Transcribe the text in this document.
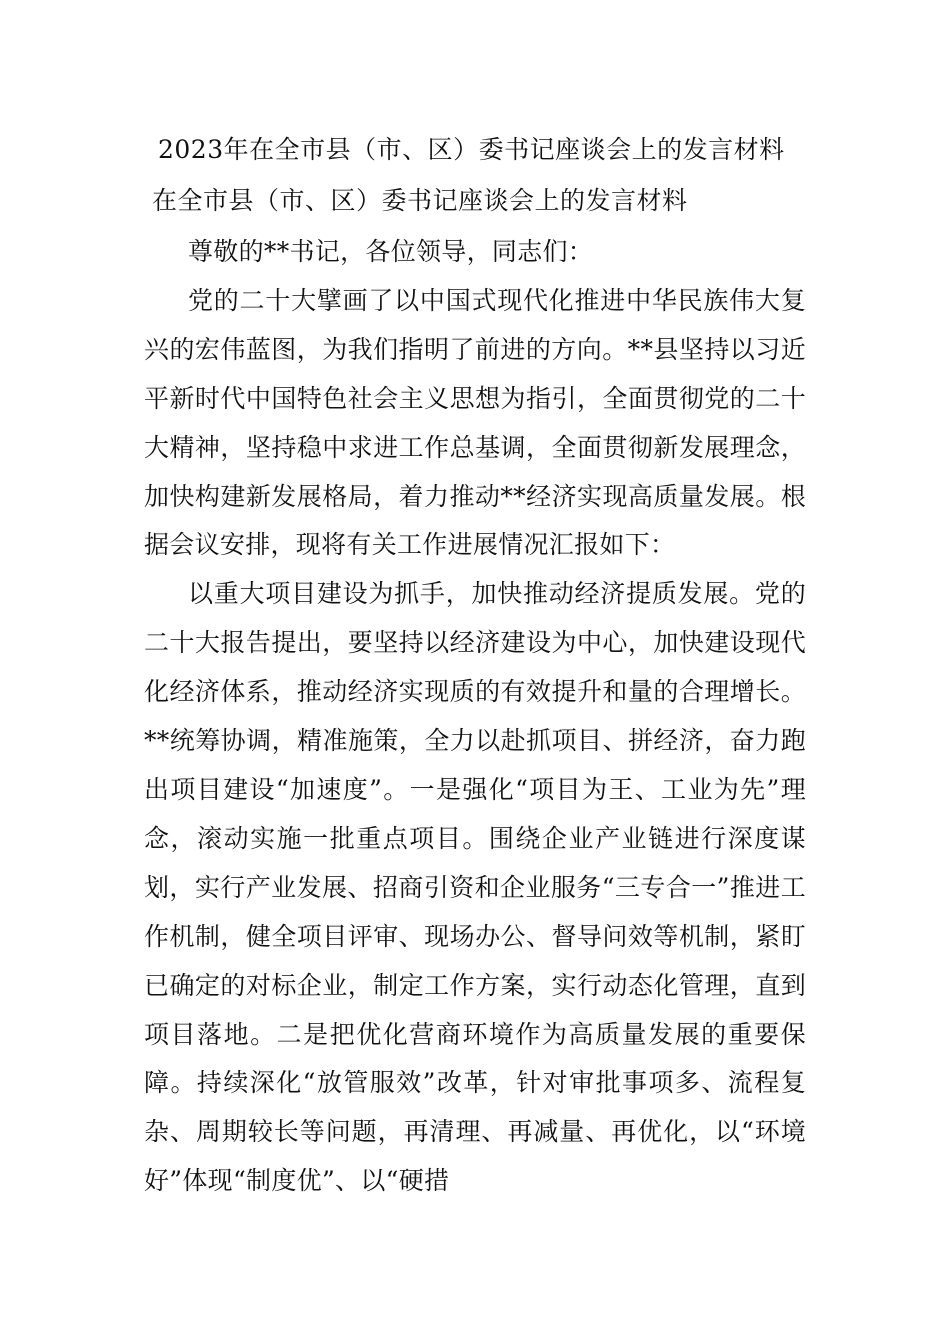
2023年在全市县（市、区）委书记座谈会上的发言材料
在全市县（市、区）委书记座谈会上的发言材料

尊敬的**书记，各位领导，同志们：

党的二十大擘画了以中国式现代化推进中华民族伟大复兴的宏伟蓝图，为我们指明了前进的方向。**县坚持以习近平新时代中国特色社会主义思想为指引，全面贯彻党的二十大精神，坚持稳中求进工作总基调，全面贯彻新发展理念，加快构建新发展格局，着力推动**经济实现高质量发展。根据会议安排，现将有关工作进展情况汇报如下：

以重大项目建设为抓手，加快推动经济提质发展。党的二十大报告提出，要坚持以经济建设为中心，加快建设现代化经济体系，推动经济实现质的有效提升和量的合理增长。**统筹协调，精准施策，全力以赴抓项目、拼经济，奋力跑出项目建设“加速度”。一是强化“项目为王、工业为先”理念，滚动实施一批重点项目。围绕企业产业链进行深度谋划，实行产业发展、招商引资和企业服务“三专合一”推进工作机制，健全项目评审、现场办公、督导问效等机制，紧盯已确定的对标企业，制定工作方案，实行动态化管理，直到项目落地。二是把优化营商环境作为高质量发展的重要保障。持续深化“放管服效”改革，针对审批事项多、流程复杂、周期较长等问题，再清理、再减量、再优化，以“环境好”体现“制度优”、以“硬措
